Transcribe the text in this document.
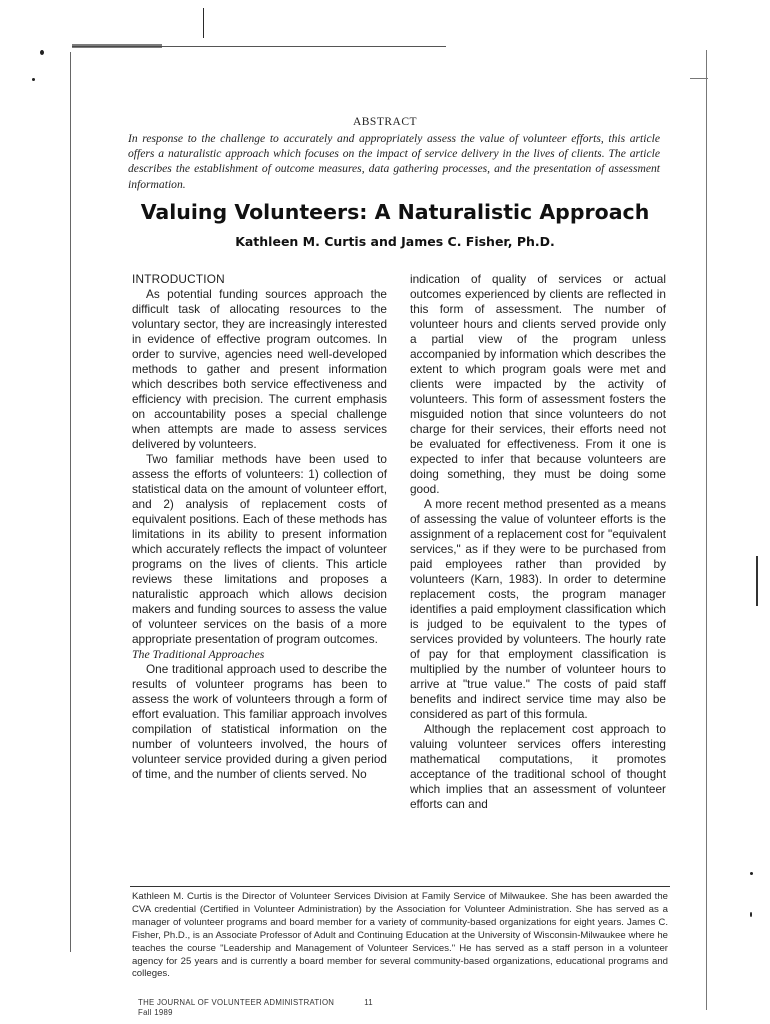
ABSTRACT
In response to the challenge to accurately and appropriately assess the value of volunteer efforts, this article offers a naturalistic approach which focuses on the impact of service delivery in the lives of clients. The article describes the establishment of outcome measures, data gathering processes, and the presentation of assessment information.
Valuing Volunteers: A Naturalistic Approach
Kathleen M. Curtis and James C. Fisher, Ph.D.

INTRODUCTION

As potential funding sources approach the difficult task of allocating resources to the voluntary sector, they are increasingly interested in evidence of effective program outcomes. In order to survive, agencies need well-developed methods to gather and present information which describes both service effectiveness and efficiency with precision. The current emphasis on accountability poses a special challenge when attempts are made to assess services delivered by volunteers.

Two familiar methods have been used to assess the efforts of volunteers: 1) collection of statistical data on the amount of volunteer effort, and 2) analysis of replacement costs of equivalent positions. Each of these methods has limitations in its ability to present information which accurately reflects the impact of volunteer programs on the lives of clients. This article reviews these limitations and proposes a naturalistic approach which allows decision makers and funding sources to assess the value of volunteer services on the basis of a more appropriate presentation of program outcomes.

The Traditional Approaches

One traditional approach used to describe the results of volunteer programs has been to assess the work of volunteers through a form of effort evaluation. This familiar approach involves compilation of statistical information on the number of volunteers involved, the hours of volunteer service provided during a given period of time, and the number of clients served. No

indication of quality of services or actual outcomes experienced by clients are reflected in this form of assessment. The number of volunteer hours and clients served provide only a partial view of the program unless accompanied by information which describes the extent to which program goals were met and clients were impacted by the activity of volunteers. This form of assessment fosters the misguided notion that since volunteers do not charge for their services, their efforts need not be evaluated for effectiveness. From it one is expected to infer that because volunteers are doing something, they must be doing some good.

A more recent method presented as a means of assessing the value of volunteer efforts is the assignment of a replacement cost for "equivalent services," as if they were to be purchased from paid employees rather than provided by volunteers (Karn, 1983). In order to determine replacement costs, the program manager identifies a paid employment classification which is judged to be equivalent to the types of services provided by volunteers. The hourly rate of pay for that employment classification is multiplied by the number of volunteer hours to arrive at "true value." The costs of paid staff benefits and indirect service time may also be considered as part of this formula.

Although the replacement cost approach to valuing volunteer services offers interesting mathematical computations, it promotes acceptance of the traditional school of thought which implies that an assessment of volunteer efforts can and

Kathleen M. Curtis is the Director of Volunteer Services Division at Family Service of Milwaukee. She has been awarded the CVA credential (Certified in Volunteer Administration) by the Association for Volunteer Administration. She has served as a manager of volunteer programs and board member for a variety of community-based organizations for eight years. James C. Fisher, Ph.D., is an Associate Professor of Adult and Continuing Education at the University of Wisconsin-Milwaukee where he teaches the course "Leadership and Management of Volunteer Services." He has served as a staff person in a volunteer agency for 25 years and is currently a board member for several community-based organizations, educational programs and colleges.
THE JOURNAL OF VOLUNTEER ADMINISTRATION	11
Fall 1989
